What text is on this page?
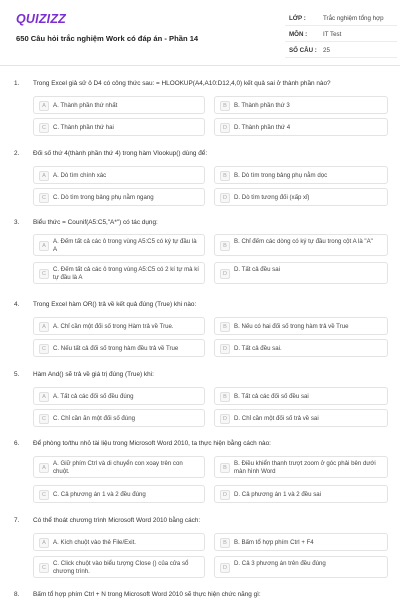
QUIZIZZ
650 Câu hỏi trắc nghiệm Work có đáp án - Phần 14
LỚP :	Trắc nghiệm tổng hợp
MÔN :	IT Test
SỐ CÂU : 25
1. Trong Excel giả sử ô D4 có công thức sau: = HLOOKUP(A4,A10:D12,4,0) kết quả sai ở thành phần nào?
A	A. Thành phần thứ nhất	B	B. Thành phần thứ 3
C	C. Thành phần thứ hai	D	D. Thành phần thứ 4
2. Đối số thứ 4(thành phần thứ 4) trong hàm Vlookup() dùng để:
A	A. Dò tìm chính xác	B	B. Dò tìm trong bảng phụ nằm dọc
C	C. Dò tìm trong bảng phụ nằm ngang	D	D. Dò tìm tương đối (xấp xỉ)
3. Biểu thức = Counif(A5:C5,"A*") có tác dụng:
A
A. Đếm tất cả các ô trong vùng A5:C5 có ký tự đầu là A	B
B. Chỉ đếm các dòng có ký tự đầu trong cột A là "A"
C
C. Đếm tất cả các ô trong vùng A5:C5 có 2 kí tự mà kí tự đầu là A	D
D. Tất cả đều sai
4. Trong Excel hàm OR() trả về kết quả đúng (True) khi nào:
A	A. Chỉ cần một đối số trong Hàm trả về True.	B	B. Nếu có hai đối số trong hàm trả về True
C	C. Nếu tất cả đối số trong hàm đều trả về True	D	D. Tất cả đều sai.
5. Hàm And() sẽ trả về giá trị đúng (True) khi:
A	A. Tất cả các đối số đều đúng	B	B. Tất cả các đối số đều sai
C	C. Chỉ cần ăn một đối số đúng	D	D. Chỉ cần một đối số trả về sai
6. Để phòng to/thu nhỏ tài liệu trong Microsoft Word 2010, ta thực hiện bằng cách nào:
A
A. Giữ phím Ctrl và di chuyển con xoay trên con chuột.	B
B. Điều khiển thanh trượt zoom ở góc phải bên dưới màn hình Word
C	C. Cả phương án 1 và 2 đều đúng	D	D. Cả phương án 1 và 2 đều sai
7. Có thể thoát chương trình Microsoft Word 2010 bằng cách:
A	A. Kích chuột vào thẻ File/Exit.	B	B. Bấm tổ hợp phím Ctrl + F4
C
C. Click chuột vào biểu tượng Close () của cửa sổ chương trình.	D
D. Cả 3 phương án trên đều đúng
8. Bấm tổ hợp phím Ctrl + N trong Microsoft Word 2010 sẽ thực hiện chức năng gì:
